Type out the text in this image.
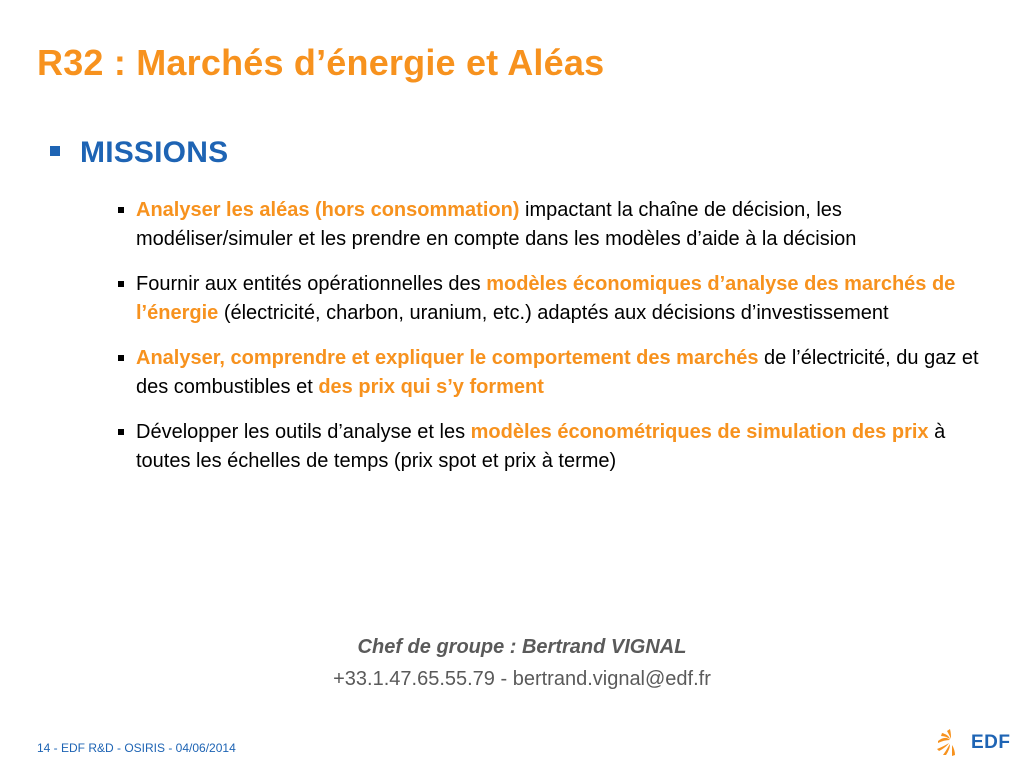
R32 : Marchés d’énergie et Aléas
MISSIONS
Analyser les aléas (hors consommation) impactant la chaîne de décision, les modéliser/simuler et les prendre en compte dans les modèles d’aide à la décision
Fournir aux entités opérationnelles des modèles économiques d’analyse des marchés de l’énergie (électricité, charbon, uranium, etc.) adaptés aux décisions d’investissement
Analyser, comprendre et expliquer le comportement des marchés de l’électricité, du gaz et des combustibles et des prix qui s’y forment
Développer les outils d’analyse et les modèles économétriques de simulation des prix à toutes les échelles de temps (prix spot et prix à terme)
Chef de groupe : Bertrand VIGNAL
+33.1.47.65.55.79 - bertrand.vignal@edf.fr
14 - EDF R&D - OSIRIS - 04/06/2014	EDF
